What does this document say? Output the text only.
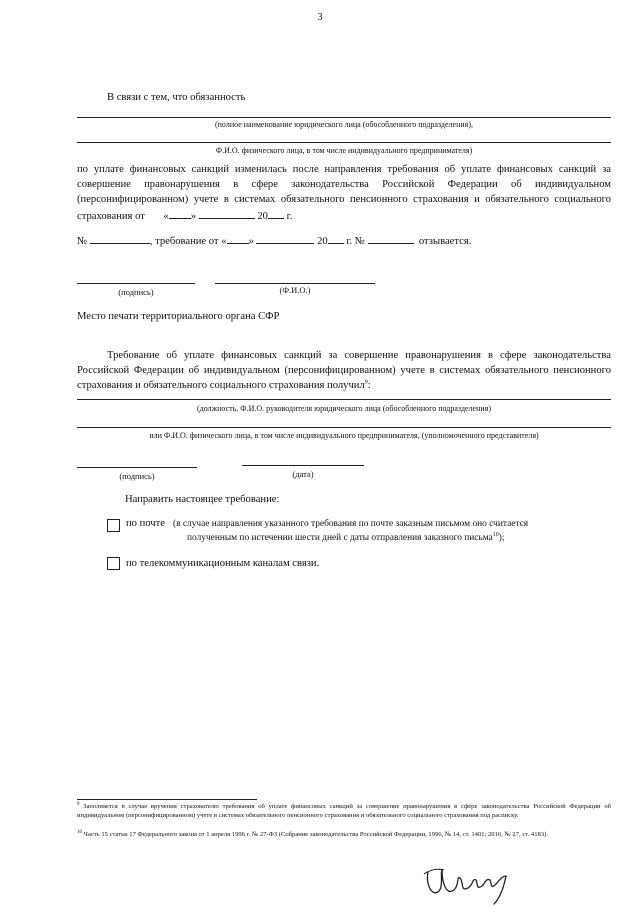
3
В связи с тем, что обязанность
(полное наименование юридического лица (обособленного подразделения),
Ф.И.О. физического лица, в том числе индивидуального предпринимателя)
по уплате финансовых санкций изменилась после направления требования об уплате финансовых санкций за совершение правонарушения в сфере законодательства Российской Федерации об индивидуальном (персонифицированном) учете в системах обязательного пенсионного страхования и обязательного социального страхования от « »	20 г.
№	, требование от « »	20 г. №	отзывается.
(подпись)	(Ф.И.О.)
Место печати территориального органа СФР
Требование об уплате финансовых санкций за совершение правонарушения в сфере законодательства Российской Федерации об индивидуальном (персонифицированном) учете в системах обязательного пенсионного страхования и обязательного социального страхования получил$^9$:
(должность, Ф.И.О. руководителя юридического лица (обособленного подразделения)
или Ф.И.О. физического лица, в том числе индивидуального предпринимателя, (уполномоченного представителя)
(подпись)	(дата)
Направить настоящее требование:
по почте (в случае направления указанного требования по почте заказным письмом оно считается
полученным по истечении шести дней с даты отправления заказного письма$^{10}$);
по телекоммуникационным каналам связи.
$^9$ Заполняется в случае вручения страхователю требования об уплате финансовых санкций за совершение правонарушения в сфере законодательства Российской Федерации об индивидуальном (персонифицированном) учете в системах обязательного пенсионного страхования и обязательного социального страхования под расписку.
$^{10}$ Часть 15 статьи 17 Федерального закона от 1 апреля 1996 г. № 27-ФЗ (Собрание законодательства Российской Федерации, 1996, № 14, ст. 1401; 2016, № 27, ст. 4183).
